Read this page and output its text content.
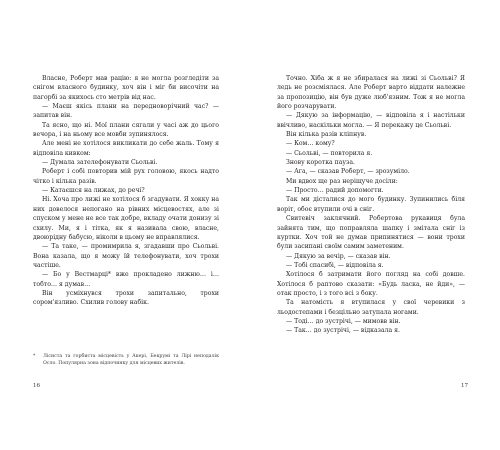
Власне, Роберт мав рацію: я не могла розгледіти за снігом власного будинку, хоч він і міг би височіти на пагорбі за якихось сто метрів від нас.

— Маєш якісь плани на передноворічний час? — запитав він.

Та ясно, що ні. Мої плани сягали у часі аж до цього вечора, і на ньому все мовби зупинялося.

Але мені не хотілося викликати до себе жаль. Тому я відповіла кивком:

— Думала зателефонувати Сьольві.

Роберт і собі повторив мій рух головою, якось надто чітко і кілька разів.

— Катаєшся на лижах, до речі?

Ні. Хоча про лижі не хотілося б згадувати. Я хокку на них довелося непогано на рівних місцевостях, але зі спуском у мене не все так добре, вкладу очати донизу зі схилу. Ми, я і тітка, як я називала свою, власне, двоюрідну бабусю, ніколи в цьому не вправлялися.

— Та таке, — промимрила я, згадавши про Сьольві. Вона казала, що я можу їй телефонувати, хоч трохи частіше.

— Бо у Вестмарці* вже прокладено лижню… і… тобто… я думав…

Він усміхнувся трохи запитально, трохи сором'язливо. Схилив голову набік.

*	Лісиста та горбиста місцевість у Акері, Бекрумі та Лірі неподалік Осло. Популярна зона відпочинку для місцевих жителів.
16

Точно. Хіба ж я не збиралася на лижі зі Сьольві? Я ледь не розсміялася. Але Роберт варто віддати належне за пропозицію, він був дуже люб'язним. Тож я не могла його розчарувати.

— Дякую за інформацію, — відповіла я і настільки ввічливо, наскільки могла. — Я перекажу це Сьольві.

Він кілька разів кліпнув.

— Ком… кому?

— Сьольві, — повторила я.

Знову коротка пауза.

— Ага, — сказав Роберт, — зрозуміло.

Ми вдвох ще раз неріщуче досіли:

— Просто… радий допомогти.

Так ми дісталися до мого будинку. Зупинились біля воріт, обоє втупили очі в сніг.

Свитевіч заклячний. Робертова рукавиця була зайнята тим, що поправляла шапку і змітала сніг із куртки. Хоч той не думав припинятися — вони трохи були засипані своїм самим заметеним.

— Дякую за вечір, — сказав він.

— Тобі спасибі, — відповіла я.

Хотілося б затримати його погляд на собі довше. Хотілося б раптово сказати: «Будь ласка, не йди», — отак просто, і з того всі з боку.

Та натомість я втупилася у свої черевики з льодостепами і безцільно затупала ногами.

— Тоді… до зустрічі, — мимовв він.

— Так… до зустрічі, — відказала я.

17
